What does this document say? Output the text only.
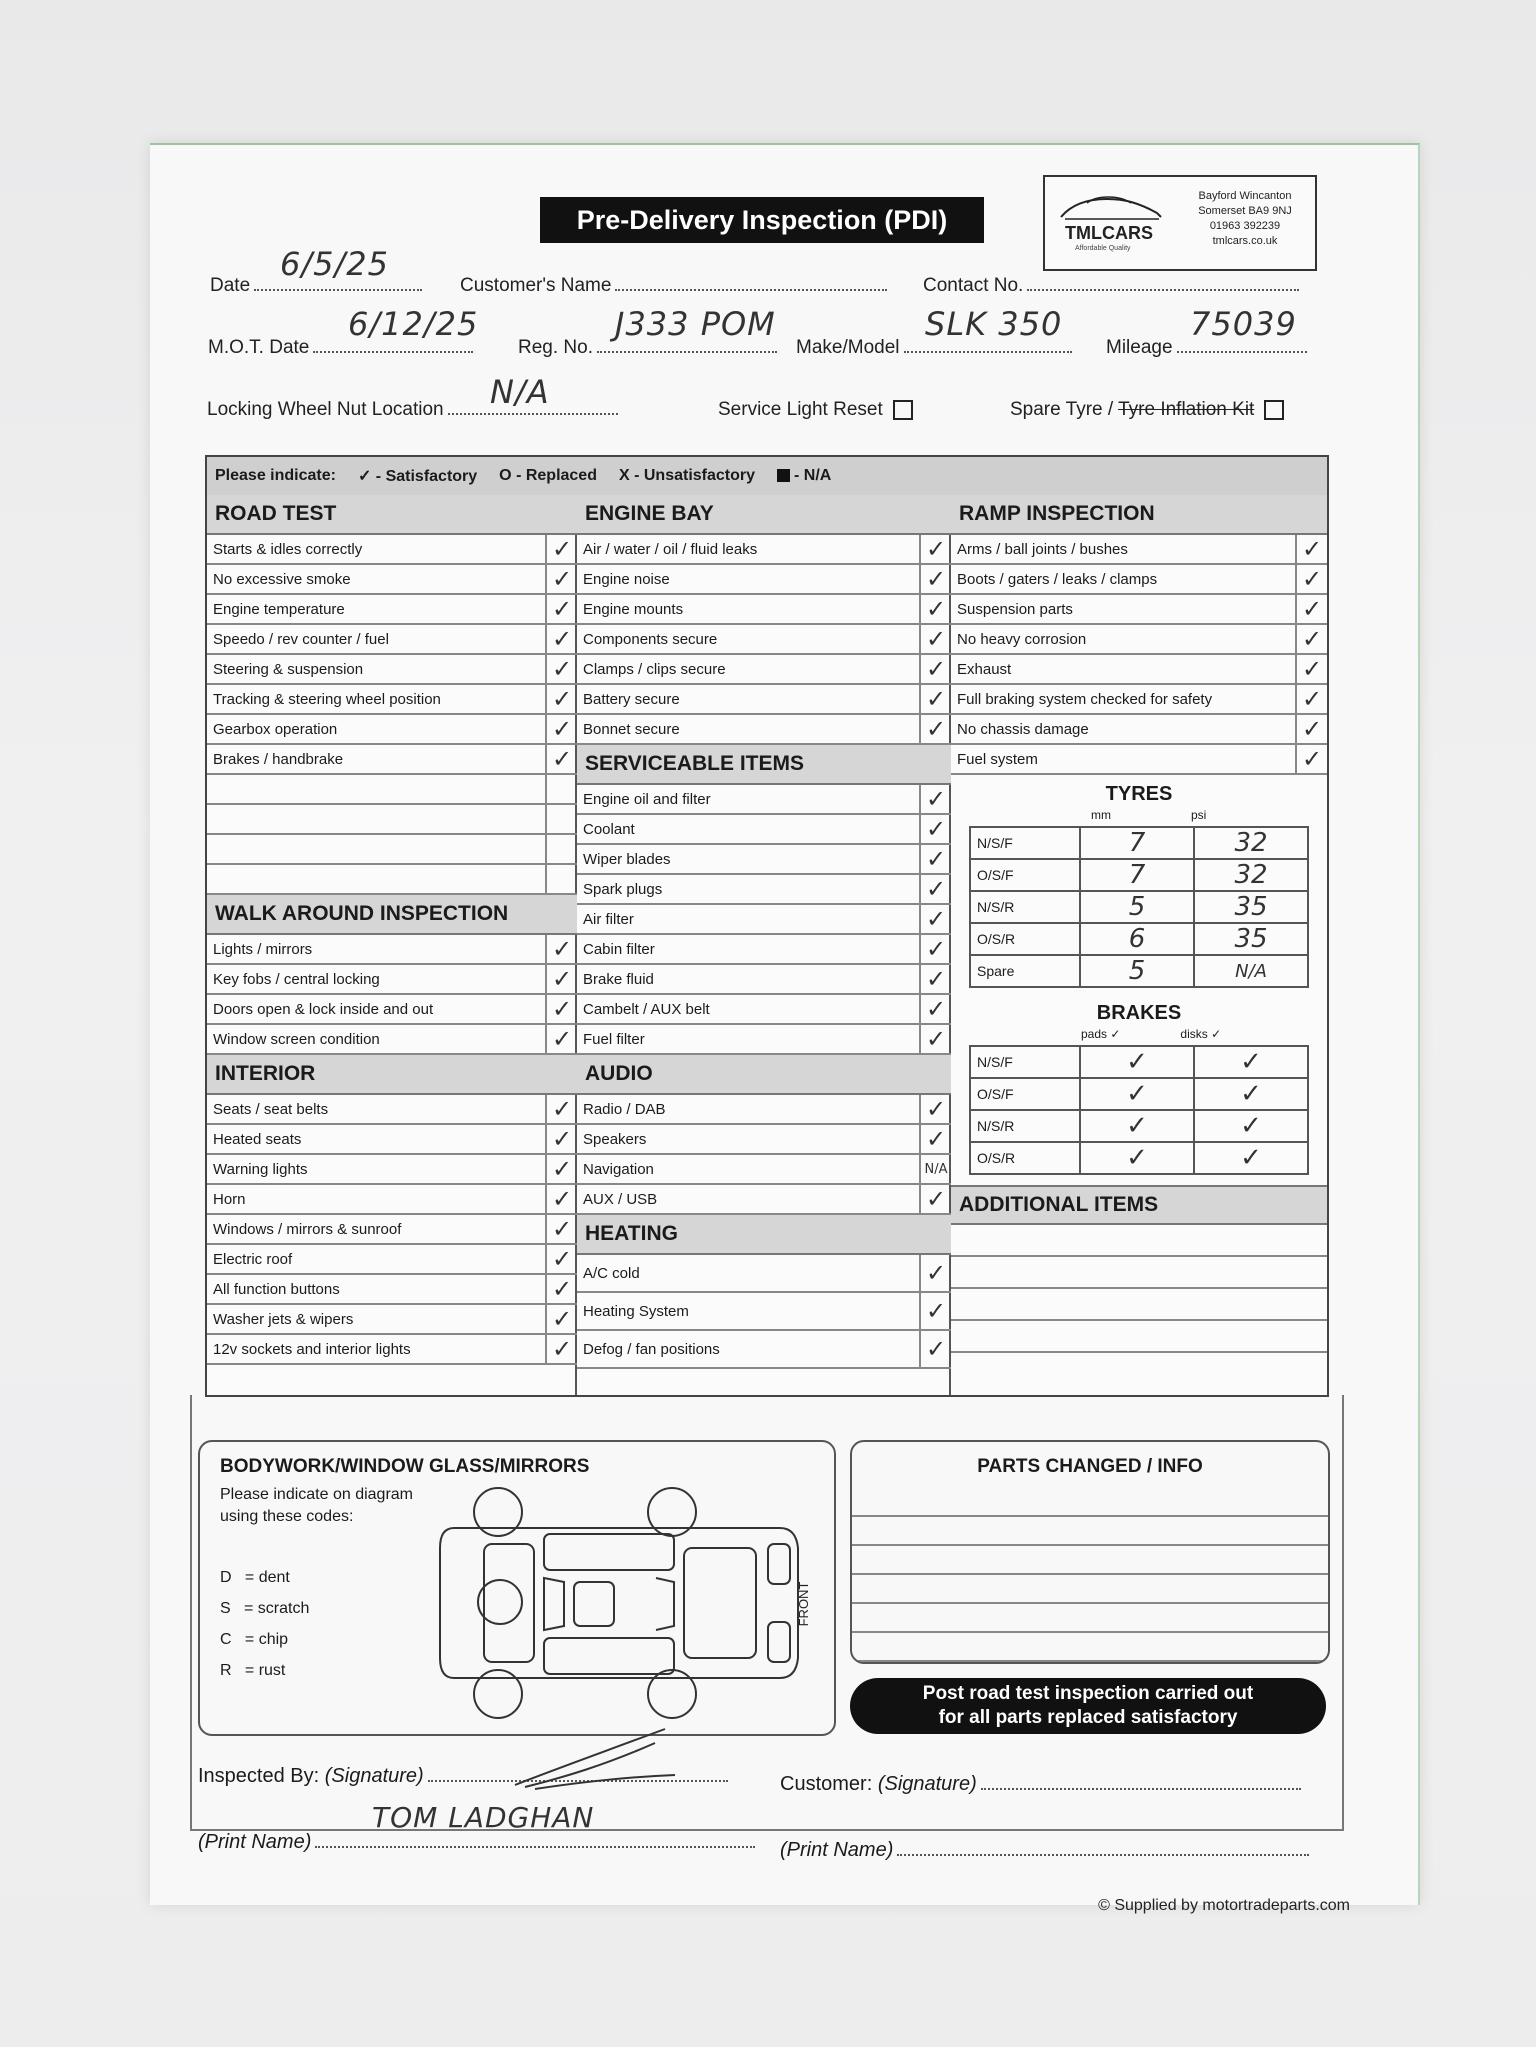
Pre-Delivery Inspection (PDI)	TMLCARS
Affordable Quality
Bayford Wincanton
Somerset BA9 9NJ
01963 392239
tmlcars.co.uk
Date
6/5/25
Customer's Name	Contact No.
M.O.T. Date
6/12/25
Reg. No.
J333 POM
Make/Model
SLK 350
Mileage
75039
Locking Wheel Nut Location	N/A	Service Light Reset	Spare Tyre / Tyre Inflation Kit
Please indicate: ✓ - Satisfactory O - Replaced X - Unsatisfactory	- N/A
ROAD TEST
Starts & idles correctly	✓
No excessive smoke	✓
Engine temperature	✓
Speedo / rev counter / fuel	✓
Steering & suspension	✓
Tracking & steering wheel position	✓
Gearbox operation	✓
Brakes / handbrake	✓
WALK AROUND INSPECTION
Lights / mirrors	✓
Key fobs / central locking	✓
Doors open & lock inside and out	✓
Window screen condition	✓
INTERIOR
Seats / seat belts	✓
Heated seats	✓
Warning lights	✓
Horn	✓
Windows / mirrors & sunroof	✓
Electric roof	✓
All function buttons	✓
Washer jets & wipers	✓
12v sockets and interior lights	✓
ENGINE BAY
Air / water / oil / fluid leaks	✓
Engine noise	✓
Engine mounts	✓
Components secure	✓
Clamps / clips secure	✓
Battery secure	✓
Bonnet secure	✓
SERVICEABLE ITEMS
Engine oil and filter	✓
Coolant	✓
Wiper blades	✓
Spark plugs	✓
Air filter	✓
Cabin filter	✓
Brake fluid	✓
Cambelt / AUX belt	✓
Fuel filter	✓
AUDIO
Radio / DAB	✓
Speakers	✓
Navigation	N/A
AUX / USB	✓
HEATING
A/C cold	✓
Heating System	✓
Defog / fan positions	✓
RAMP INSPECTION
Arms / ball joints / bushes	✓
Boots / gaters / leaks / clamps	✓
Suspension parts	✓
No heavy corrosion	✓
Exhaust	✓
Full braking system checked for safety	✓
No chassis damage	✓
Fuel system	✓
TYRES
mm	psi
N/S/F	7	32
O/S/F	7	32
N/S/R	5	35
O/S/R	6	35
Spare	5	N/A
BRAKES
pads ✓	disks ✓
N/S/F	✓	✓
O/S/F	✓	✓
N/S/R	✓	✓
O/S/R	✓	✓
ADDITIONAL ITEMS
BODYWORK/WINDOW GLASS/MIRRORS
Please indicate on diagram using these codes:
D = dent
S = scratch
C = chip
R = rust
FRONT
PARTS CHANGED / INFO
Post road test inspection carried out
for all parts replaced satisfactory
Inspected By: (Signature)	Customer: (Signature)
(Print Name)
TOM LADGHAN
(Print Name)
© Supplied by motortradeparts.com
